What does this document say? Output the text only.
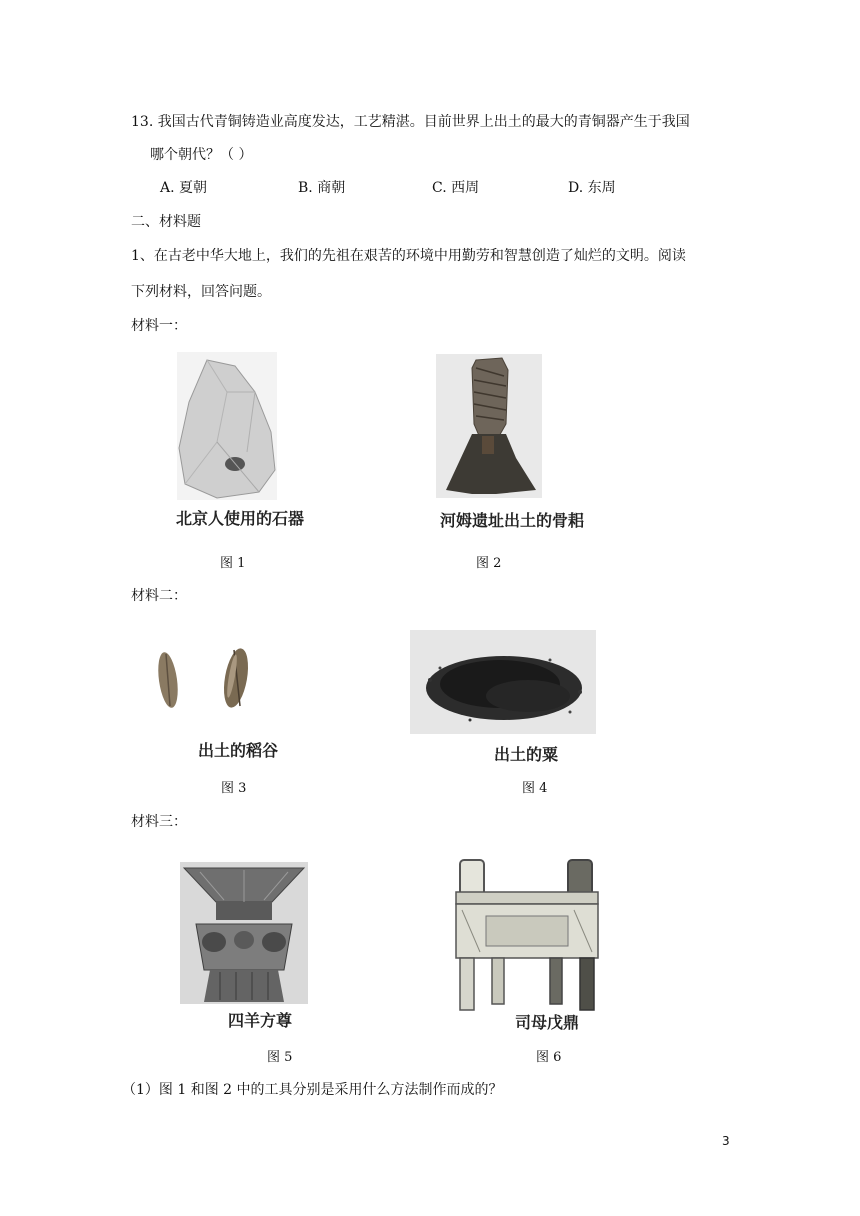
13. 我国古代青铜铸造业高度发达，工艺精湛。目前世界上出土的最大的青铜器产生于我国
哪个朝代？（ ）
A. 夏朝	B. 商朝	C. 西周	D. 东周
二、材料题
1、在古老中华大地上，我们的先祖在艰苦的环境中用勤劳和智慧创造了灿烂的文明。阅读
下列材料，回答问题。
材料一：
北京人使用的石器
图 1
河姆遗址出土的骨耜
图 2
材料二：
出土的稻谷
图 3
出土的粟
图 4
材料三：
四羊方尊
图 5
司母戊鼎
图 6
（1）图 1 和图 2 中的工具分别是采用什么方法制作而成的？
3
